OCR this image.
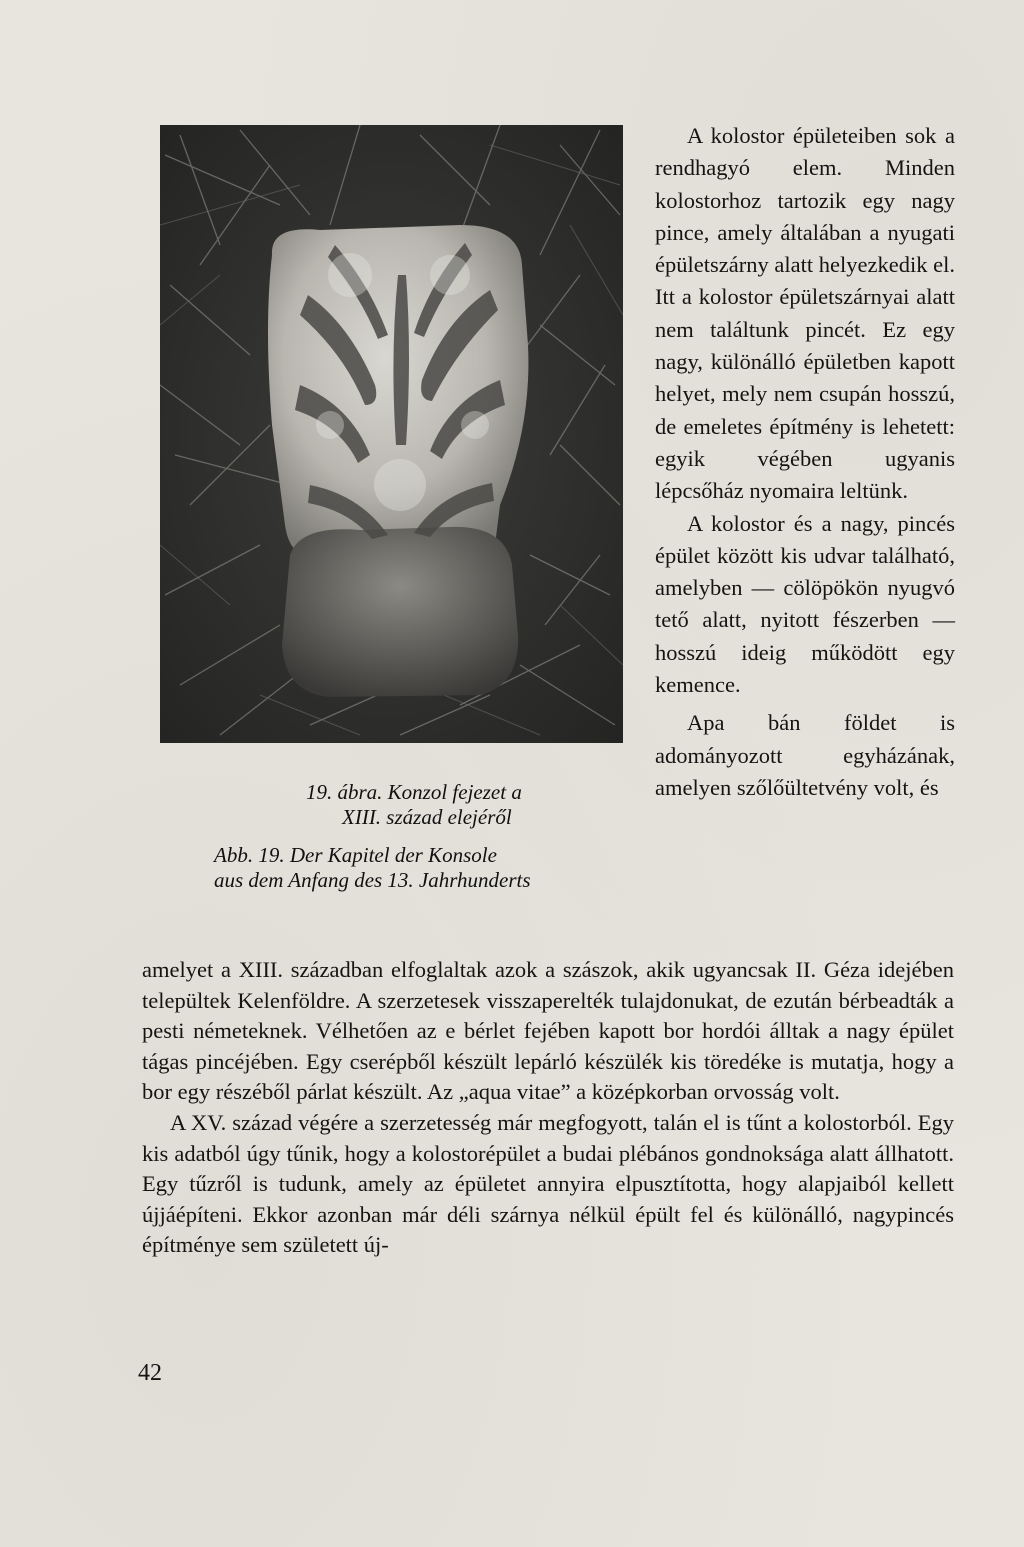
19. ábra. Konzol fejezet a
XIII. század elejéről
Abb. 19. Der Kapitel der Konsole
aus dem Anfang des 13. Jahrhunderts

A kolostor épületeiben sok a rendhagyó elem. Minden kolostorhoz tartozik egy nagy pince, amely általában a nyugati épületszárny alatt helyezkedik el. Itt a kolostor épületszárnyai alatt nem találtunk pincét. Ez egy nagy, különálló épületben kapott helyet, mely nem csupán hosszú, de emeletes építmény is lehetett: egyik végében ugyanis lépcsőház nyomaira leltünk.

A kolostor és a nagy, pincés épület között kis udvar található, amelyben — cölöpökön nyugvó tető alatt, nyitott fészerben — hosszú ideig működött egy kemence.

Apa bán földet is adományozott egyházának, amelyen szőlőültetvény volt, és

amelyet a XIII. században elfoglaltak azok a szászok, akik ugyancsak II. Géza idejében települtek Kelenföldre. A szerzetesek visszaperelték tulajdonukat, de ezután bérbeadták a pesti németeknek. Vélhetően az e bérlet fejében kapott bor hordói álltak a nagy épület tágas pincéjében. Egy cserépből készült lepárló készülék kis töredéke is mutatja, hogy a bor egy részéből párlat készült. Az „aqua vitae” a középkorban orvosság volt.

A XV. század végére a szerzetesség már megfogyott, talán el is tűnt a kolostorból. Egy kis adatból úgy tűnik, hogy a kolostorépület a budai plébános gondnoksága alatt állhatott. Egy tűzről is tudunk, amely az épületet annyira elpusztította, hogy alapjaiból kellett újjáépíteni. Ekkor azonban már déli szárnya nélkül épült fel és különálló, nagypincés építménye sem született új-

42
